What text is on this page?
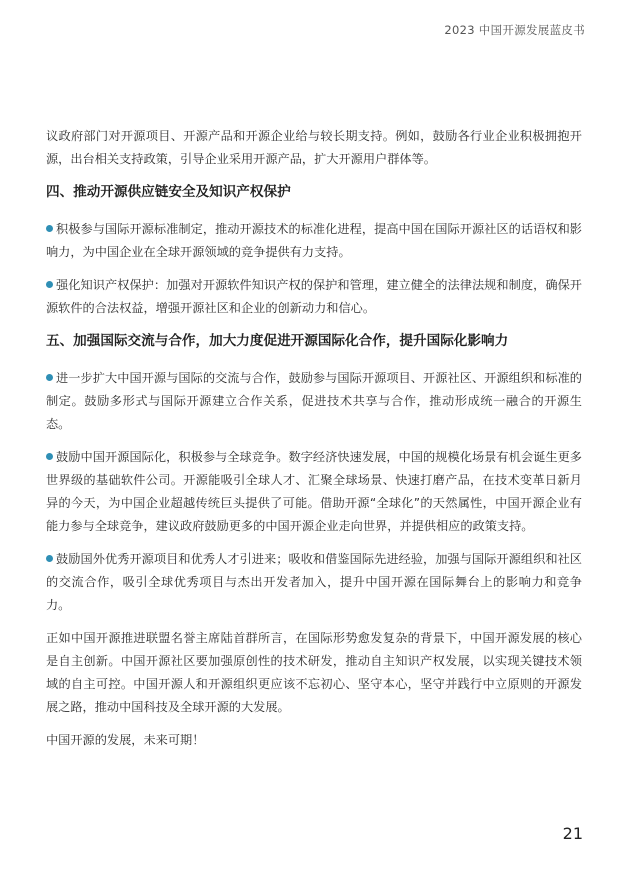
2023 中国开源发展蓝皮书

议政府部门对开源项目、开源产品和开源企业给与较长期支持。例如，鼓励各行业企业积极拥抱开源，出台相关支持政策，引导企业采用开源产品，扩大开源用户群体等。

四、推动开源供应链安全及知识产权保护

积极参与国际开源标准制定，推动开源技术的标准化进程，提高中国在国际开源社区的话语权和影响力，为中国企业在全球开源领域的竞争提供有力支持。

强化知识产权保护：加强对开源软件知识产权的保护和管理，建立健全的法律法规和制度，确保开源软件的合法权益，增强开源社区和企业的创新动力和信心。

五、加强国际交流与合作，加大力度促进开源国际化合作，提升国际化影响力

进一步扩大中国开源与国际的交流与合作，鼓励参与国际开源项目、开源社区、开源组织和标准的制定。鼓励多形式与国际开源建立合作关系，促进技术共享与合作，推动形成统一融合的开源生态。

鼓励中国开源国际化，积极参与全球竞争。数字经济快速发展，中国的规模化场景有机会诞生更多世界级的基础软件公司。开源能吸引全球人才、汇聚全球场景、快速打磨产品，在技术变革日新月异的今天，为中国企业超越传统巨头提供了可能。借助开源“全球化”的天然属性，中国开源企业有能力参与全球竞争，建议政府鼓励更多的中国开源企业走向世界，并提供相应的政策支持。

鼓励国外优秀开源项目和优秀人才引进来；吸收和借鉴国际先进经验，加强与国际开源组织和社区的交流合作，吸引全球优秀项目与杰出开发者加入，提升中国开源在国际舞台上的影响力和竞争力。

正如中国开源推进联盟名誉主席陆首群所言，在国际形势愈发复杂的背景下，中国开源发展的核心是自主创新。中国开源社区要加强原创性的技术研发，推动自主知识产权发展，以实现关键技术领域的自主可控。中国开源人和开源组织更应该不忘初心、坚守本心，坚守并践行中立原则的开源发展之路，推动中国科技及全球开源的大发展。

中国开源的发展，未来可期！

21
